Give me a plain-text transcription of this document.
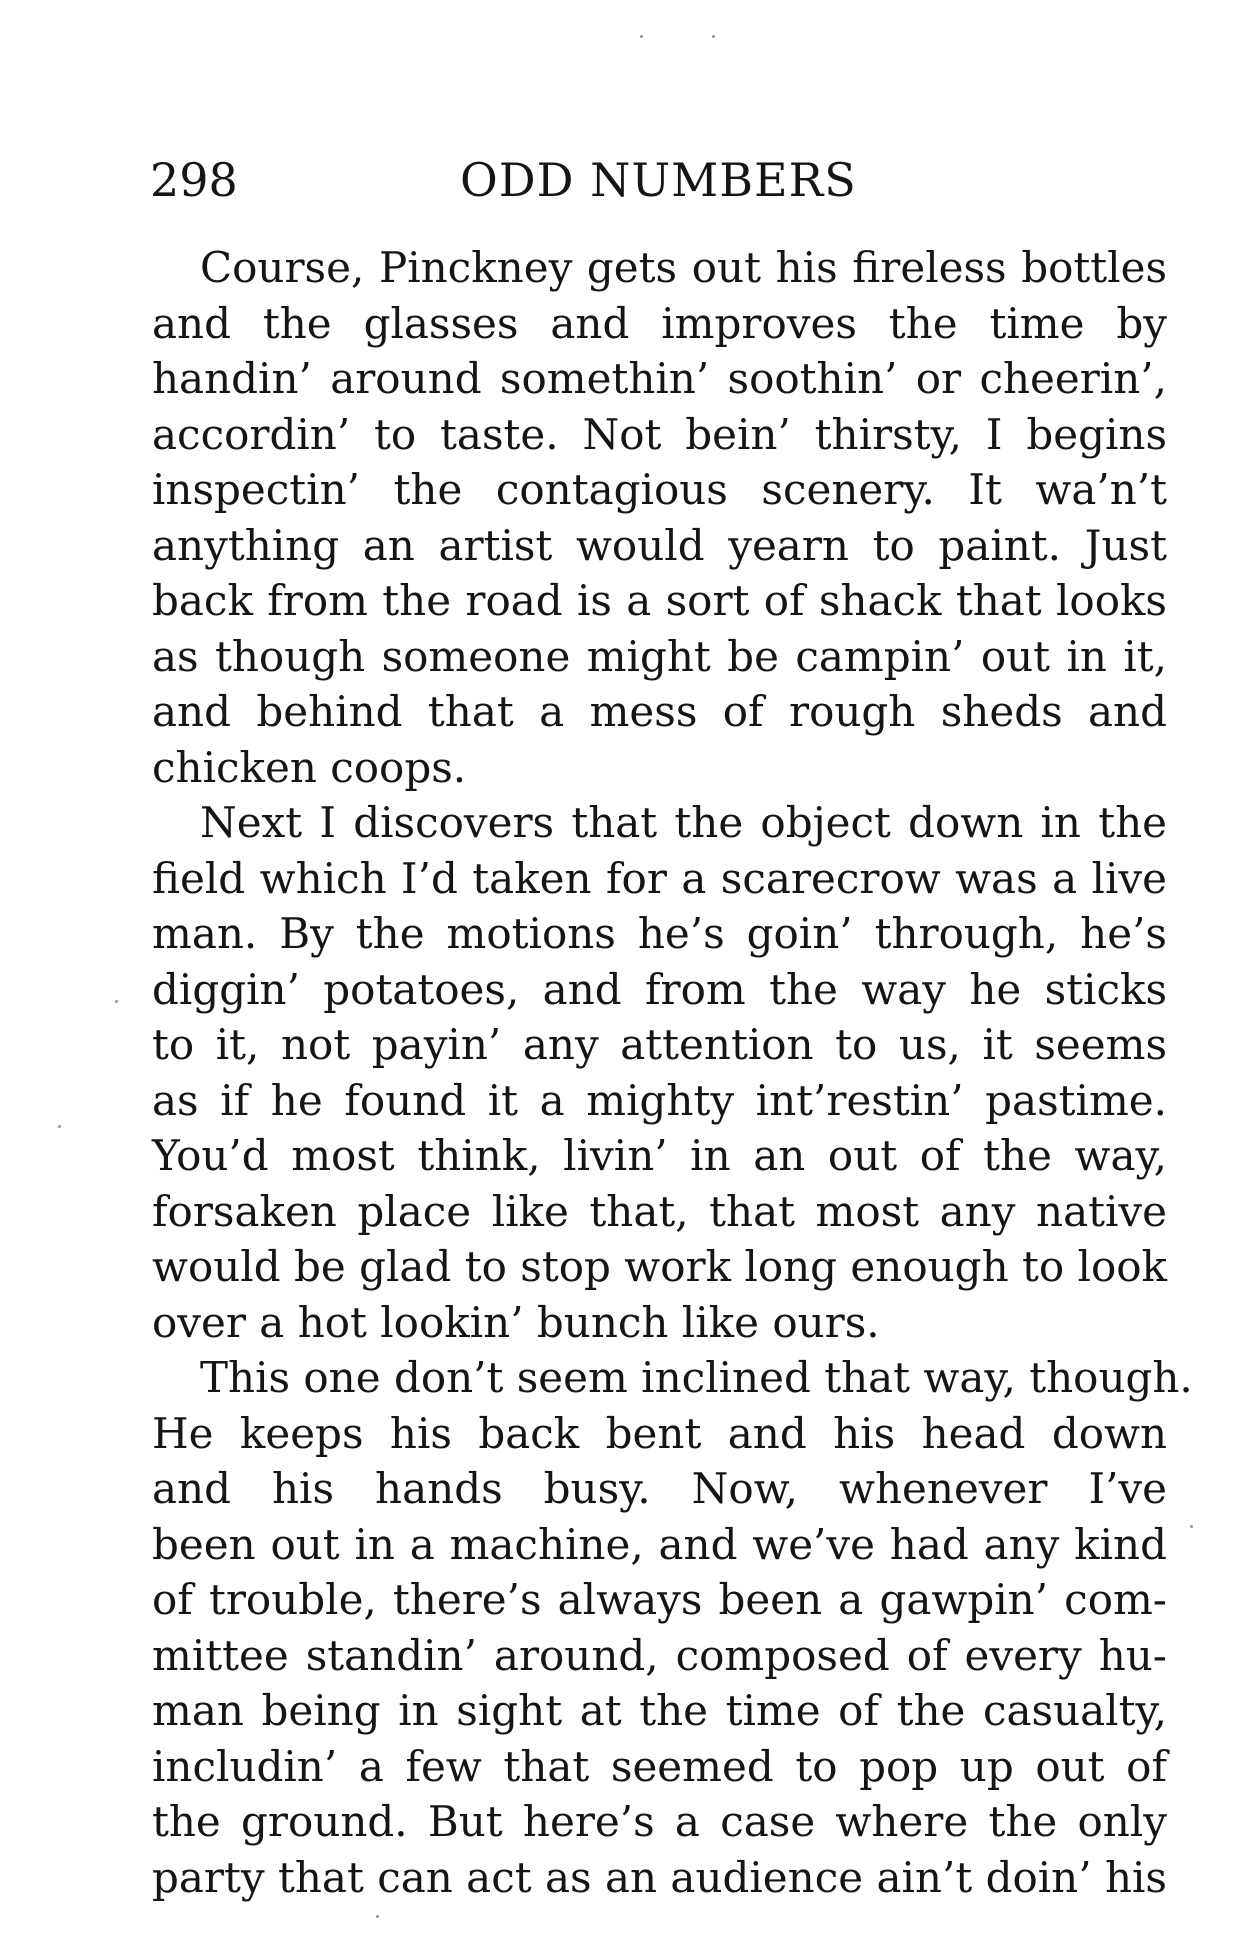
298	ODD NUMBERS
Course, Pinckney gets out his fireless bottles
and the glasses and improves the time by
handin’ around somethin’ soothin’ or cheerin’,
accordin’ to taste. Not bein’ thirsty, I begins
inspectin’ the contagious scenery. It wa’n’t
anything an artist would yearn to paint. Just
back from the road is a sort of shack that looks
as though someone might be campin’ out in it,
and behind that a mess of rough sheds and
chicken coops.
Next I discovers that the object down in the
field which I’d taken for a scarecrow was a live
man. By the motions he’s goin’ through, he’s
diggin’ potatoes, and from the way he sticks
to it, not payin’ any attention to us, it seems
as if he found it a mighty int’restin’ pastime.
You’d most think, livin’ in an out of the way,
forsaken place like that, that most any native
would be glad to stop work long enough to look
over a hot lookin’ bunch like ours.
This one don’t seem inclined that way, though.
He keeps his back bent and his head down
and his hands busy. Now, whenever I’ve
been out in a machine, and we’ve had any kind
of trouble, there’s always been a gawpin’ com-
mittee standin’ around, composed of every hu-
man being in sight at the time of the casualty,
includin’ a few that seemed to pop up out of
the ground. But here’s a case where the only
party that can act as an audience ain’t doin’ his
